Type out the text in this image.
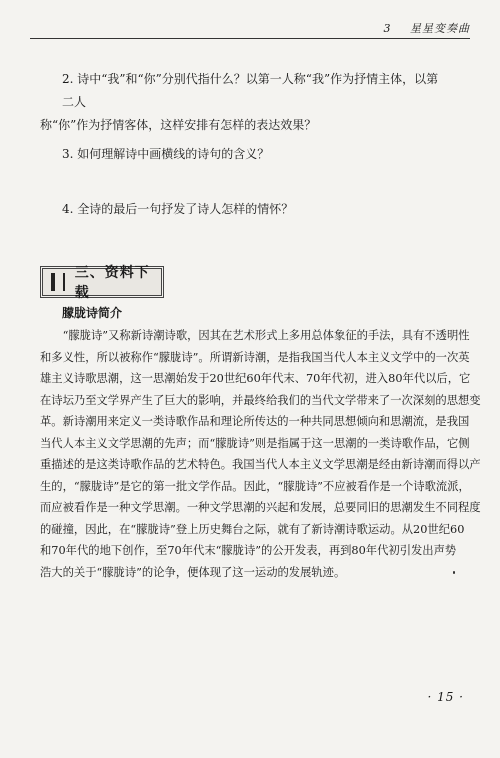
3 星星变奏曲
2. 诗中“我”和“你”分别代指什么？以第一人称“我”作为抒情主体，以第二人
称“你”作为抒情客体，这样安排有怎样的表达效果？
3. 如何理解诗中画横线的诗句的含义？
4. 全诗的最后一句抒发了诗人怎样的情怀？
三、资料下载
朦胧诗简介
　　“朦胧诗”又称新诗潮诗歌，因其在艺术形式上多用总体象征的手法，具有不透明性
和多义性，所以被称作“朦胧诗”。所谓新诗潮，是指我国当代人本主义文学中的一次英
雄主义诗歌思潮，这一思潮始发于20世纪60年代末、70年代初，进入80年代以后，它
在诗坛乃至文学界产生了巨大的影响，并最终给我们的当代文学带来了一次深刻的思想变
革。新诗潮用来定义一类诗歌作品和理论所传达的一种共同思想倾向和思潮流，是我国
当代人本主义文学思潮的先声；而“朦胧诗”则是指属于这一思潮的一类诗歌作品，它侧
重描述的是这类诗歌作品的艺术特色。我国当代人本主义文学思潮是经由新诗潮而得以产
生的，“朦胧诗”是它的第一批文学作品。因此，“朦胧诗”不应被看作是一个诗歌流派，
而应被看作是一种文学思潮。一种文学思潮的兴起和发展，总要同旧的思潮发生不同程度
的碰撞，因此，在“朦胧诗”登上历史舞台之际，就有了新诗潮诗歌运动。从20世纪60
和70年代的地下创作，至70年代末“朦胧诗”的公开发表，再到80年代初引发出声势
浩大的关于“朦胧诗”的论争，便体现了这一运动的发展轨迹。
· 15 ·
